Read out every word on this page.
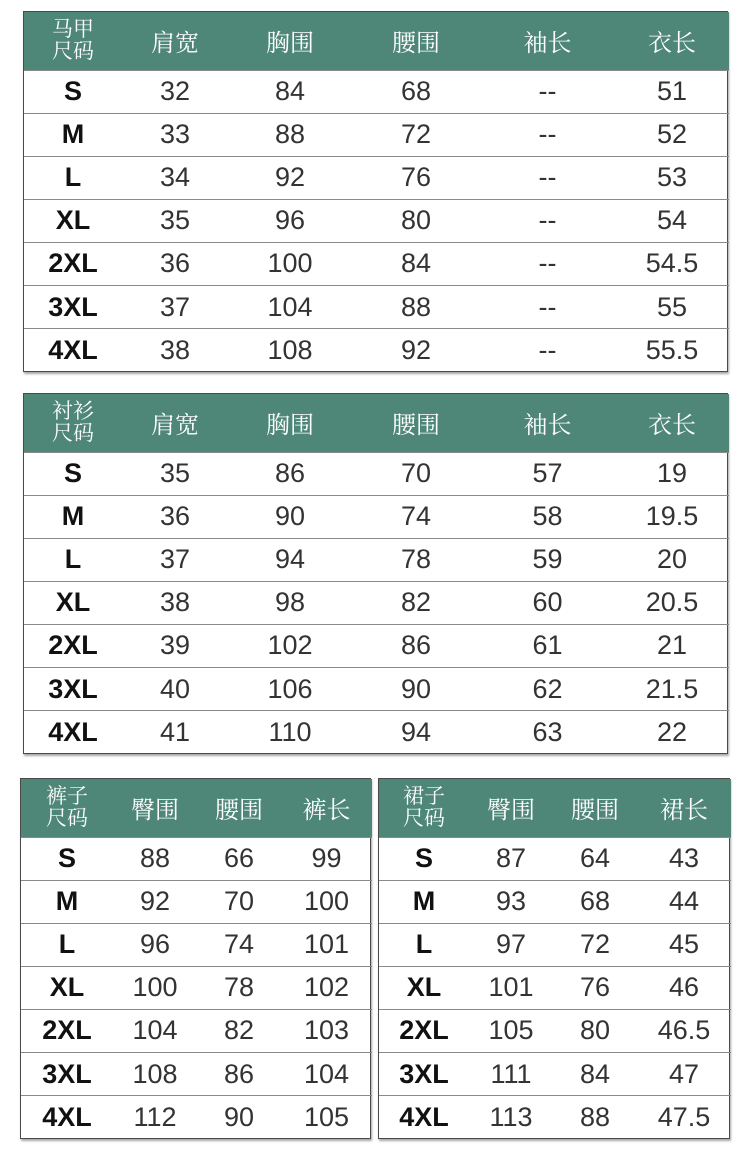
马甲
尺码	肩宽	胸围	腰围	袖长	衣长
S	32	84	68	--	51
M	33	88	72	--	52
L	34	92	76	--	53
XL	35	96	80	--	54
2XL	36	100	84	--	54.5
3XL	37	104	88	--	55
4XL	38	108	92	--	55.5
衬衫
尺码	肩宽	胸围	腰围	袖长	衣长
S	35	86	70	57	19
M	36	90	74	58	19.5
L	37	94	78	59	20
XL	38	98	82	60	20.5
2XL	39	102	86	61	21
3XL	40	106	90	62	21.5
4XL	41	110	94	63	22
裤子
尺码	臀围	腰围	裤长
S	88	66	99
M	92	70	100
L	96	74	101
XL	100	78	102
2XL	104	82	103
3XL	108	86	104
4XL	112	90	105
裙子
尺码	臀围	腰围	裙长
S	87	64	43
M	93	68	44
L	97	72	45
XL	101	76	46
2XL	105	80	46.5
3XL	111	84	47
4XL	113	88	47.5
